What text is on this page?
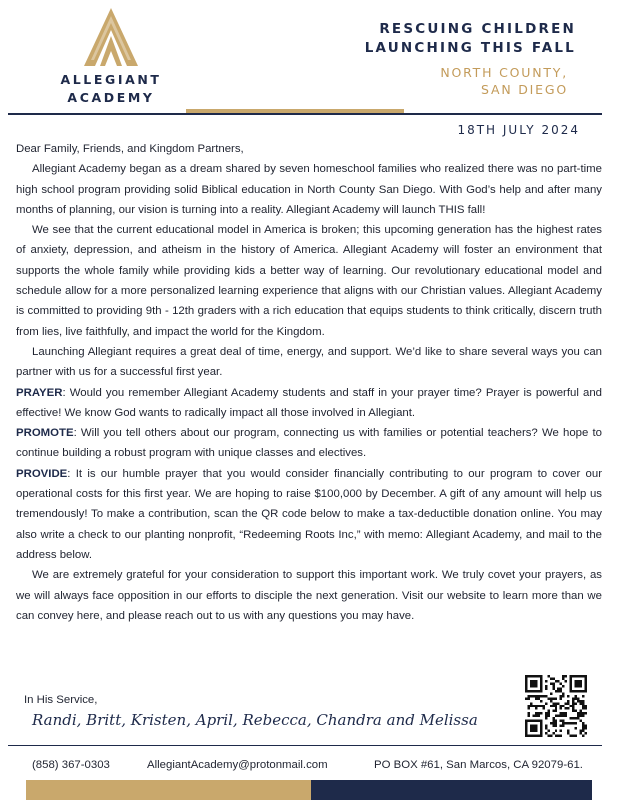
ALLEGIANT
ACADEMY
RESCUING CHILDREN
LAUNCHING THIS FALL
NORTH COUNTY,
SAN DIEGO
18TH JULY 2024

Dear Family, Friends, and Kingdom Partners,

Allegiant Academy began as a dream shared by seven homeschool families who realized there was no part-time high school program providing solid Biblical education in North County San Diego. With God’s help and after many months of planning, our vision is turning into a reality. Allegiant Academy will launch THIS fall!

We see that the current educational model in America is broken; this upcoming generation has the highest rates of anxiety, depression, and atheism in the history of America. Allegiant Academy will foster an environment that supports the whole family while providing kids a better way of learning. Our revolutionary educational model and schedule allow for a more personalized learning experience that aligns with our Christian values. Allegiant Academy is committed to providing 9th - 12th graders with a rich education that equips students to think critically, discern truth from lies, live faithfully, and impact the world for the Kingdom.

Launching Allegiant requires a great deal of time, energy, and support. We’d like to share several ways you can partner with us for a successful first year.

PRAYER: Would you remember Allegiant Academy students and staff in your prayer time? Prayer is powerful and effective! We know God wants to radically impact all those involved in Allegiant.

PROMOTE: Will you tell others about our program, connecting us with families or potential teachers? We hope to continue building a robust program with unique classes and electives.

PROVIDE: It is our humble prayer that you would consider financially contributing to our program to cover our operational costs for this first year. We are hoping to raise $100,000 by December. A gift of any amount will help us tremendously! To make a contribution, scan the QR code below to make a tax-deductible donation online. You may also write a check to our planting nonprofit, “Redeeming Roots Inc,” with memo: Allegiant Academy, and mail to the address below.

We are extremely grateful for your consideration to support this important work. We truly covet your prayers, as we will always face opposition in our efforts to disciple the next generation. Visit our website to learn more than we can convey here, and please reach out to us with any questions you may have.

In His Service,
Randi, Britt, Kristen, April, Rebecca, Chandra and Melissa
(858) 367-0303	AllegiantAcademy@protonmail.com	PO BOX #61, San Marcos, CA 92079-61.
